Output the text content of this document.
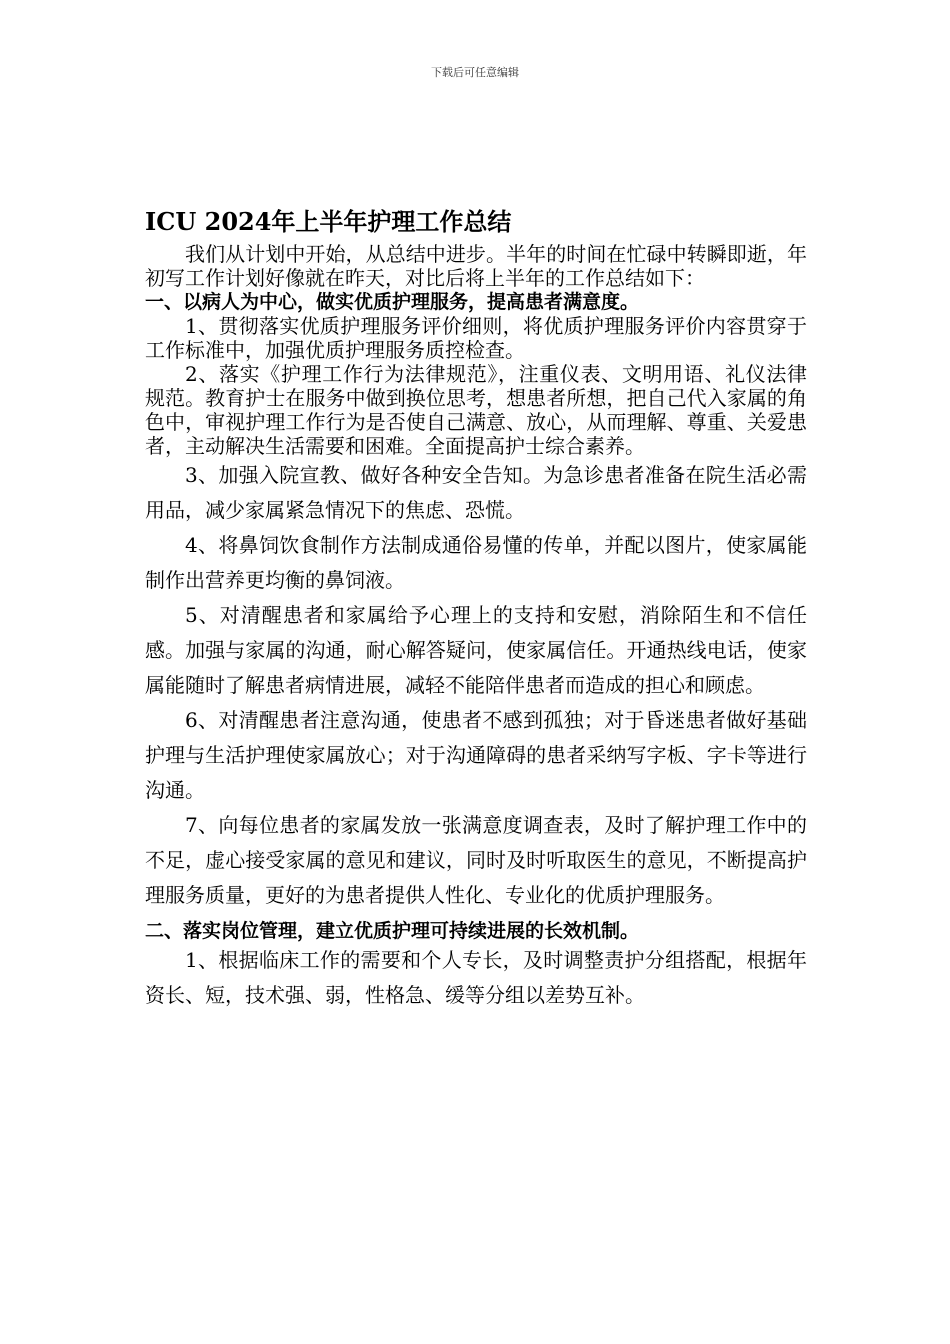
下载后可任意编辑
ICU 2024年上半年护理工作总结

我们从计划中开始，从总结中进步。半年的时间在忙碌中转瞬即逝，年初写工作计划好像就在昨天，对比后将上半年的工作总结如下：

一、以病人为中心，做实优质护理服务，提高患者满意度。

1、贯彻落实优质护理服务评价细则，将优质护理服务评价内容贯穿于工作标准中，加强优质护理服务质控检查。

2、落实《护理工作行为法律规范》，注重仪表、文明用语、礼仪法律规范。教育护士在服务中做到换位思考，想患者所想，把自己代入家属的角色中，审视护理工作行为是否使自己满意、放心，从而理解、尊重、关爱患者，主动解决生活需要和困难。全面提高护士综合素养。

3、加强入院宣教、做好各种安全告知。为急诊患者准备在院生活必需用品，减少家属紧急情况下的焦虑、恐慌。

4、将鼻饲饮食制作方法制成通俗易懂的传单，并配以图片，使家属能制作出营养更均衡的鼻饲液。

5、对清醒患者和家属给予心理上的支持和安慰，消除陌生和不信任感。加强与家属的沟通，耐心解答疑问，使家属信任。开通热线电话，使家属能随时了解患者病情进展，减轻不能陪伴患者而造成的担心和顾虑。

6、对清醒患者注意沟通，使患者不感到孤独；对于昏迷患者做好基础护理与生活护理使家属放心；对于沟通障碍的患者采纳写字板、字卡等进行沟通。

7、向每位患者的家属发放一张满意度调查表，及时了解护理工作中的不足，虚心接受家属的意见和建议，同时及时听取医生的意见，不断提高护理服务质量，更好的为患者提供人性化、专业化的优质护理服务。

二、落实岗位管理，建立优质护理可持续进展的长效机制。

1、根据临床工作的需要和个人专长，及时调整责护分组搭配，根据年资长、短，技术强、弱，性格急、缓等分组以差势互补。
